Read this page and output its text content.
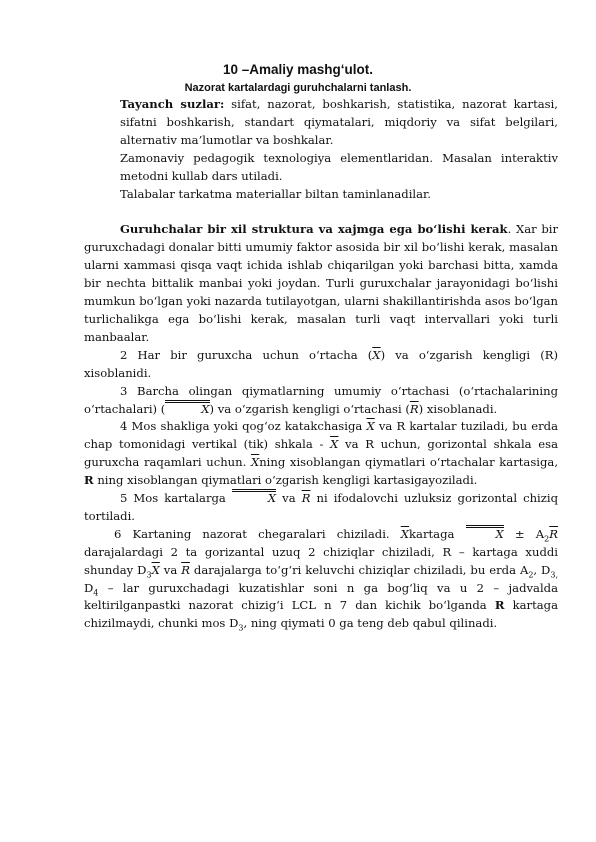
10 –Amaliy mashg‘ulot.
Nazorat kartalardagi guruhchalarni tanlash.

Tayanch suzlar: sifat, nazorat, boshkarish, statistika, nazorat kartasi, sifatni boshkarish, standart qiymatalari, miqdoriy va sifat belgilari, alternativ ma’lumotlar va boshkalar.

Zamonaviy pedagogik texnologiya elementlaridan. Masalan interaktiv metodni kullab dars utiladi.

Talabalar tarkatma materiallar biltan taminlanadilar.

Guruhchalar bir xil struktura va xajmga ega bo‘lishi kerak. Xar bir guruxchadagi donalar bitti umumiy faktor asosida bir xil bo‘lishi kerak, masalan ularni xammasi qisqa vaqt ichida ishlab chiqarilgan yoki barchasi bitta, xamda bir nechta bittalik manbai yoki joydan. Turli guruxchalar jarayonidagi bo‘lishi mumkun bo‘lgan yoki nazarda tutilayotgan, ularni shakillantirishda asos bo‘lgan turlichalikga ega bo‘lishi kerak, masalan turli vaqt intervallari yoki turli manbaalar.

2 Har bir guruxcha uchun o‘rtacha $(\overline{X})$ va o‘zgarish kengligi (R) xisoblanidi.

3 Barcha olingan qiymatlarning umumiy o‘rtachasi (o‘rtachalarining o‘rtachalari) (	X) va o‘zgarish kengligi o‘rtachasi $(\overline{R})$ xisoblanadi.

4 Mos shakliga yoki qog‘oz katakchasiga $\overline{X}$ va R kartalar tuziladi, bu erda chap tomonidagi vertikal (tik) shkala - $\overline{X}$ va R uchun, gorizontal shkala esa guruxcha raqamlari uchun. $\overline{X}ning$ xisoblangan qiymatlari o‘rtachalar kartasiga, R ning xisoblangan qiymatlari o‘zgarish kengligi kartasigayoziladi.

5 Mos kartalarga	X va $\overline{R}$ ni ifodalovchi uzluksiz gorizontal chiziq tortiladi.

6 Kartaning nazorat chegaralari chiziladi. $\overline{X}kartaga$	$X \pm A_2\overline{R}$ darajalardagi 2 ta gorizantal uzuq 2 chiziqlar chiziladi, R – kartaga xuddi shunday $D_3\overline{X}$ va $\overline{R}$ darajalarga to‘g‘ri keluvchi chiziqlar chiziladi, bu erda $A_2$, $D_{3,}$ $D_4$ – lar guruxchadagi kuzatishlar soni n ga bog‘liq va u 2 – jadvalda keltirilganpastki nazorat chizig‘i LCL n 7 dan kichik bo‘lganda R kartaga chizilmaydi, chunki mos $D_3$, ning qiymati 0 ga teng deb qabul qilinadi.
